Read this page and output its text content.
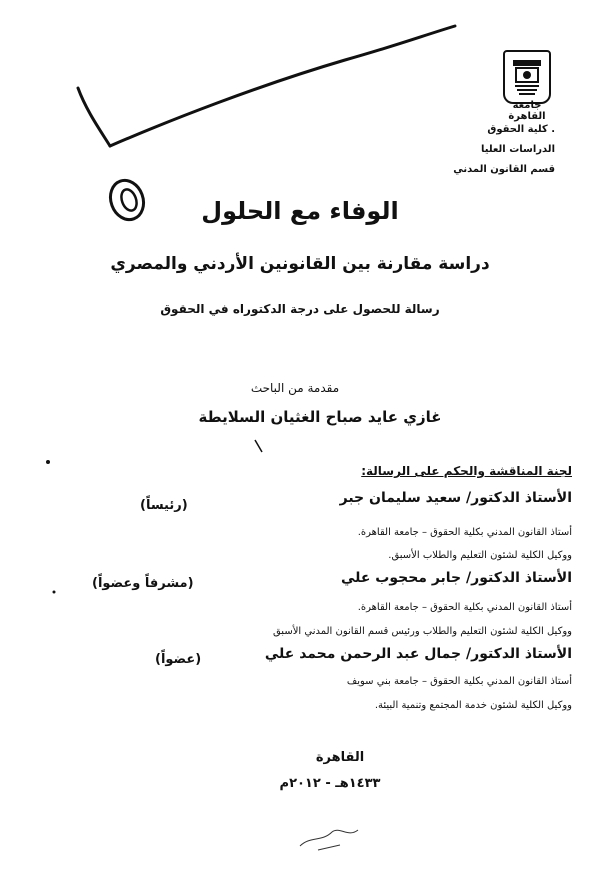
جامعة القاهرة
. كلية الحقوق
الدراسات العليا
قسم القانون المدني
الوفاء مع الحلول
دراسة مقارنة بين القانونين الأردني والمصري
رسالة للحصول على درجة الدكتوراه في الحقوق
مقدمة من الباحث
غازي عايد صباح الغثيان السلايطة
لجنة المناقشة والحكم على الرسالة:
الأستاذ الدكتور/ سعيد سليمان جبر
(رئيساً)
أستاذ القانون المدني بكلية الحقوق – جامعة القاهرة.
ووكيل الكلية لشئون التعليم والطلاب الأسبق.
الأستاذ الدكتور/ جابر محجوب علي
(مشرفاً وعضواً)
أستاذ القانون المدني بكلية الحقوق – جامعة القاهرة.
ووكيل الكلية لشئون التعليم والطلاب ورئيس قسم القانون المدني الأسبق
الأستاذ الدكتور/ جمال عبد الرحمن محمد علي
(عضواً)
أستاذ القانون المدني بكلية الحقوق – جامعة بني سويف
ووكيل الكلية لشئون خدمة المجتمع وتنمية البيئة.
القاهرة
١٤٣٣هـ - ٢٠١٢م
